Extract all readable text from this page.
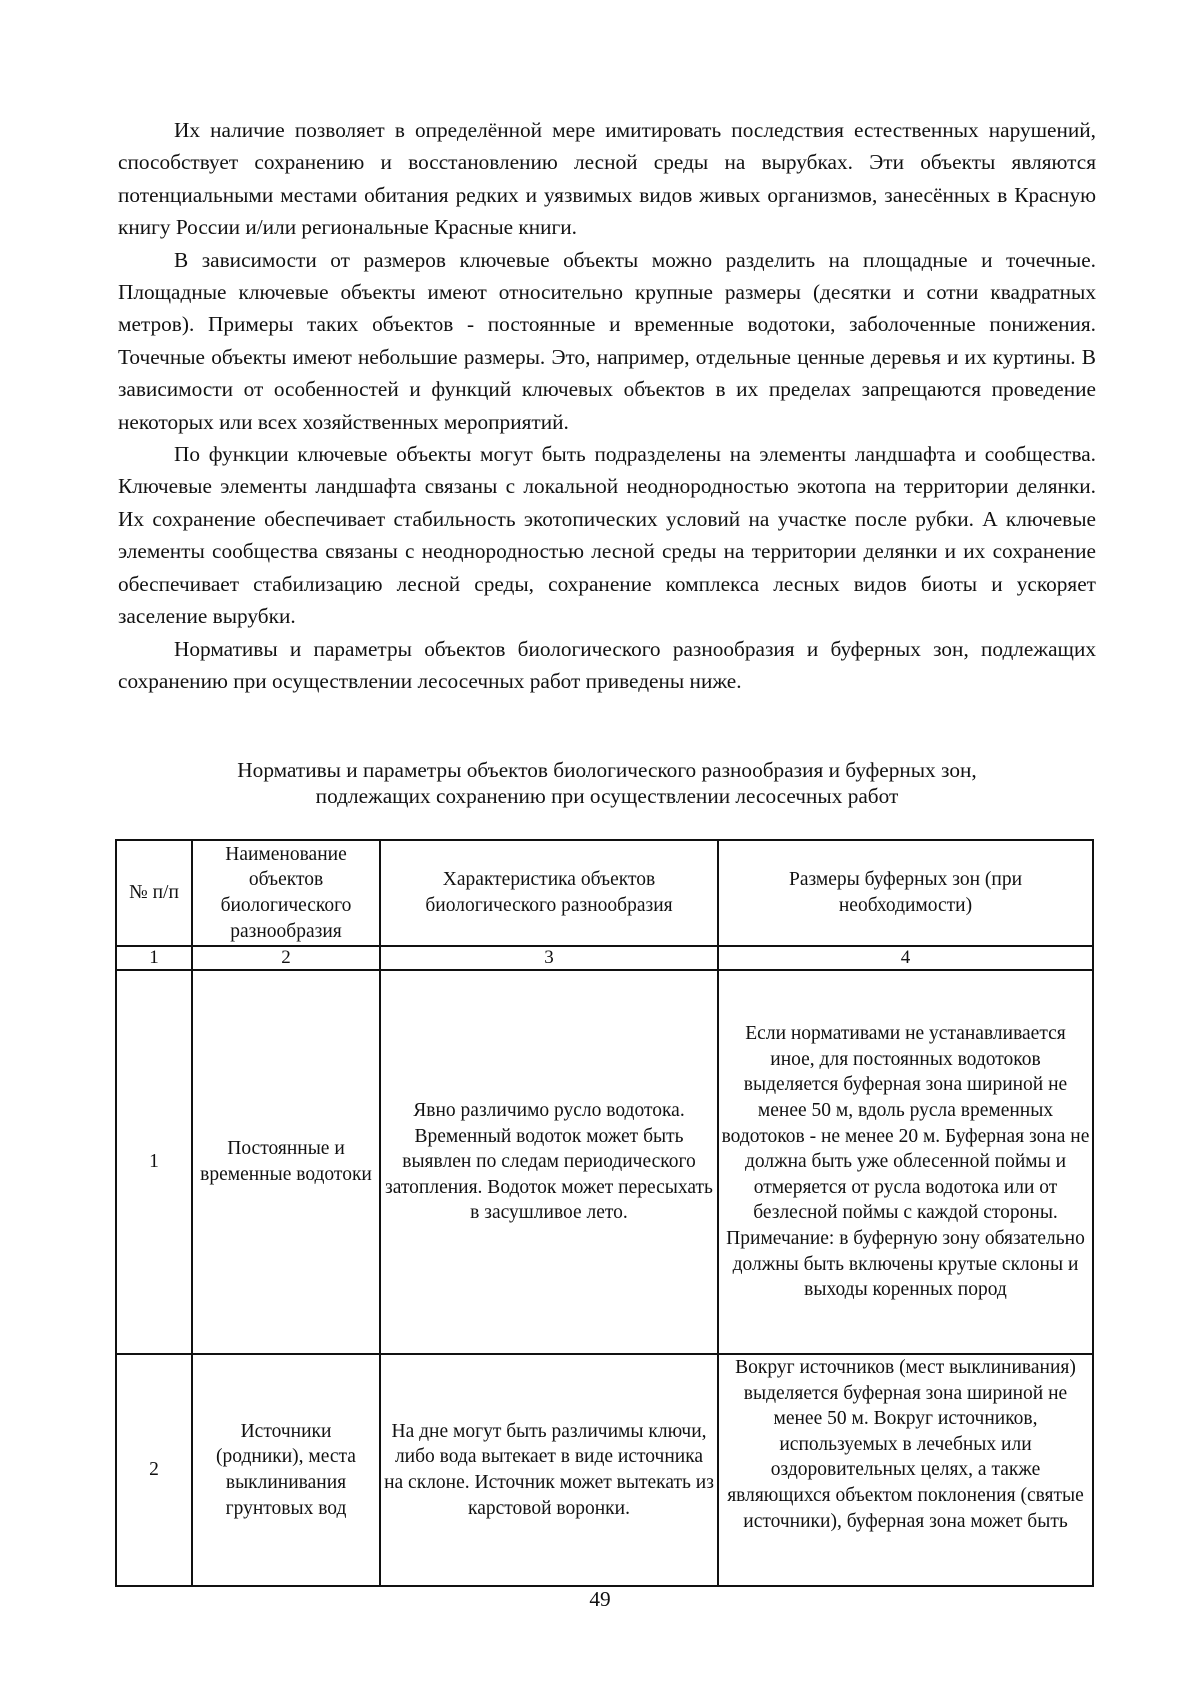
Их наличие позволяет в определённой мере имитировать последствия естественных нарушений, способствует сохранению и восстановлению лесной среды на вырубках. Эти объекты являются потенциальными местами обитания редких и уязвимых видов живых организмов, занесённых в Красную книгу России и/или региональные Красные книги.

В зависимости от размеров ключевые объекты можно разделить на площадные и точечные. Площадные ключевые объекты имеют относительно крупные размеры (десятки и сотни квадратных метров). Примеры таких объектов - постоянные и временные водотоки, заболоченные понижения. Точечные объекты имеют небольшие размеры. Это, например, отдельные ценные деревья и их куртины. В зависимости от особенностей и функций ключевых объектов в их пределах запрещаются проведение некоторых или всех хозяйственных мероприятий.

По функции ключевые объекты могут быть подразделены на элементы ландшафта и сообщества. Ключевые элементы ландшафта связаны с локальной неоднородностью экотопа на территории делянки. Их сохранение обеспечивает стабильность экотопических условий на участке после рубки. А ключевые элементы сообщества связаны с неоднородностью лесной среды на территории делянки и их сохранение обеспечивает стабилизацию лесной среды, сохранение комплекса лесных видов биоты и ускоряет заселение вырубки.

Нормативы и параметры объектов биологического разнообразия и буферных зон, подлежащих сохранению при осуществлении лесосечных работ приведены ниже.

Нормативы и параметры объектов биологического разнообразия и буферных зон,
подлежащих сохранению при осуществлении лесосечных работ
№ п/п	Наименование объектов биологического разнообразия	Характеристика объектов биологического разнообразия	Размеры буферных зон (при необходимости)
1	2	3	4
1	Постоянные и временные водотоки	Явно различимо русло водотока. Временный водоток может быть выявлен по следам периодического затопления. Водоток может пересыхать в засушливое лето.	Если нормативами не устанавливается иное, для постоянных водотоков выделяется буферная зона шириной не менее 50 м, вдоль русла временных водотоков - не менее 20 м. Буферная зона не должна быть уже облесенной поймы и отмеряется от русла водотока или от безлесной поймы с каждой стороны. Примечание: в буферную зону обязательно должны быть включены крутые склоны и выходы коренных пород
2	Источники (родники), места выклинивания грунтовых вод	На дне могут быть различимы ключи, либо вода вытекает в виде источника на склоне. Источник может вытекать из карстовой воронки.	Вокруг источников (мест выклинивания) выделяется буферная зона шириной не менее 50 м. Вокруг источников, используемых в лечебных или оздоровительных целях, а также являющихся объектом поклонения (святые источники), буферная зона может быть
49
